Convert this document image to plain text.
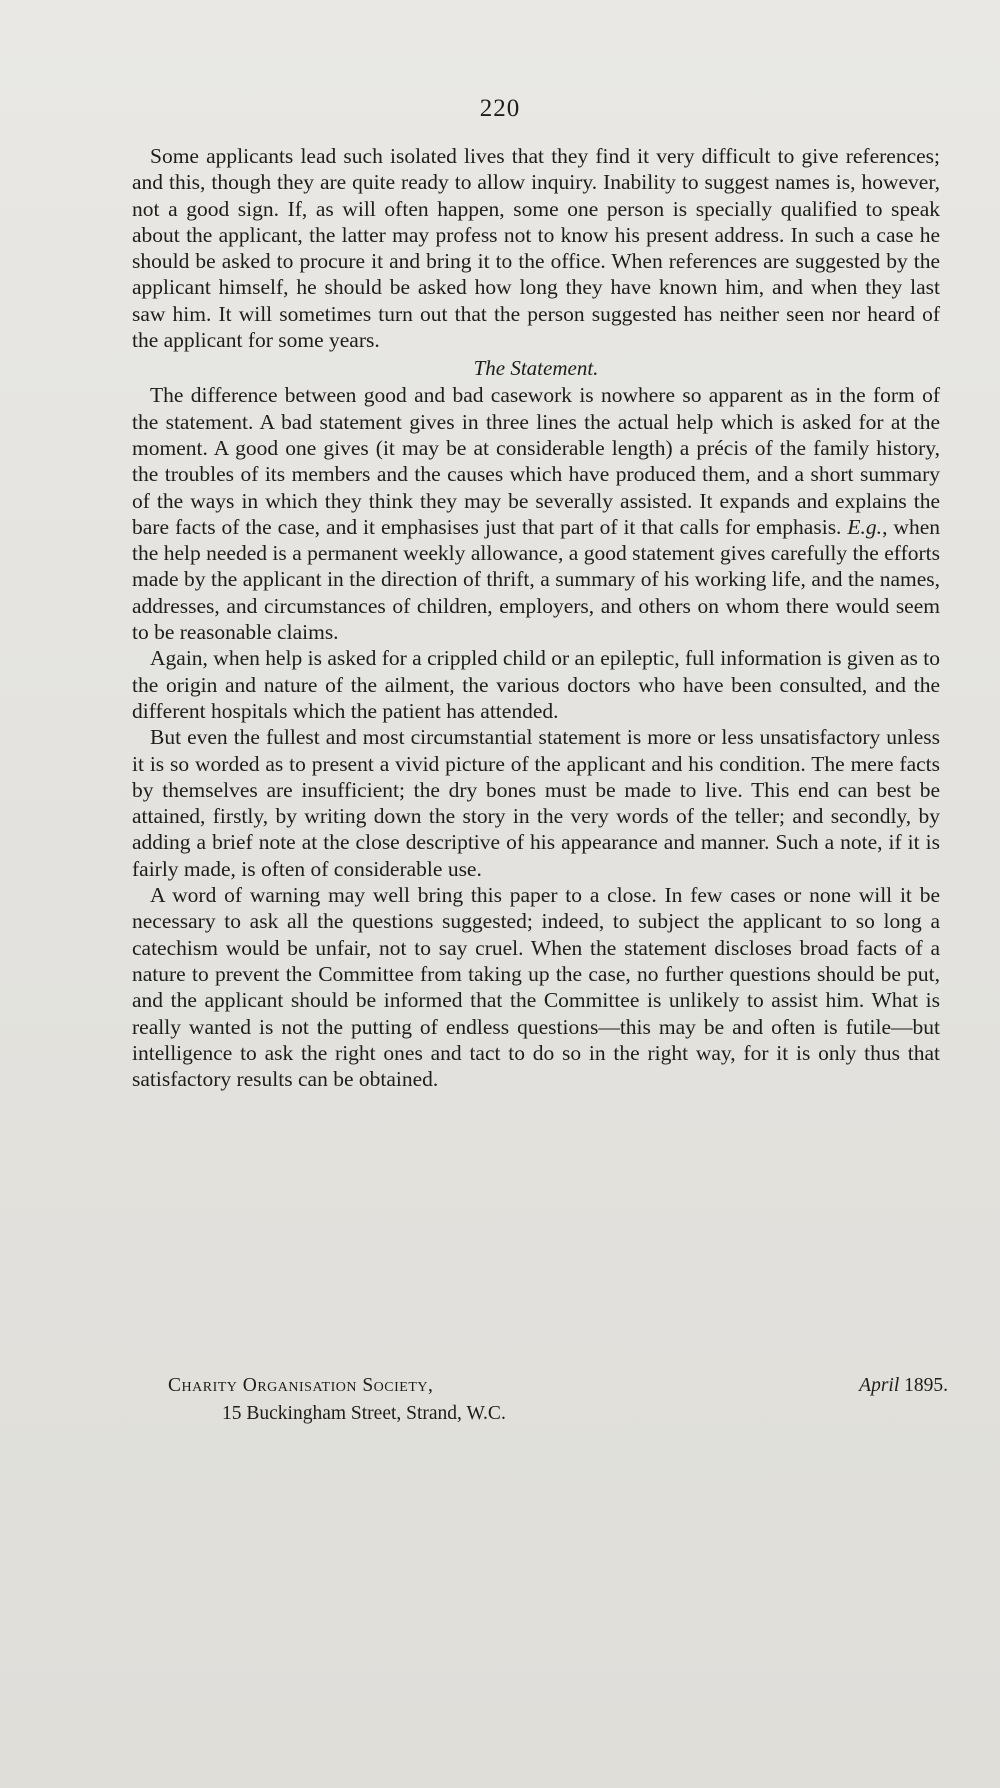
220

Some applicants lead such isolated lives that they find it very difficult to give references; and this, though they are quite ready to allow inquiry. Inability to suggest names is, however, not a good sign. If, as will often happen, some one person is specially qualified to speak about the applicant, the latter may profess not to know his present address. In such a case he should be asked to procure it and bring it to the office. When references are suggested by the applicant himself, he should be asked how long they have known him, and when they last saw him. It will sometimes turn out that the person suggested has neither seen nor heard of the applicant for some years.

The Statement.

The difference between good and bad casework is nowhere so apparent as in the form of the statement. A bad statement gives in three lines the actual help which is asked for at the moment. A good one gives (it may be at considerable length) a précis of the family history, the troubles of its members and the causes which have produced them, and a short summary of the ways in which they think they may be severally assisted. It expands and explains the bare facts of the case, and it emphasises just that part of it that calls for emphasis. E.g., when the help needed is a permanent weekly allowance, a good statement gives carefully the efforts made by the applicant in the direction of thrift, a summary of his working life, and the names, addresses, and circumstances of children, employers, and others on whom there would seem to be reasonable claims.

Again, when help is asked for a crippled child or an epileptic, full information is given as to the origin and nature of the ailment, the various doctors who have been consulted, and the different hospitals which the patient has attended.

But even the fullest and most circumstantial statement is more or less unsatisfactory unless it is so worded as to present a vivid picture of the applicant and his condition. The mere facts by themselves are insufficient; the dry bones must be made to live. This end can best be attained, firstly, by writing down the story in the very words of the teller; and secondly, by adding a brief note at the close descriptive of his appearance and manner. Such a note, if it is fairly made, is often of considerable use.

A word of warning may well bring this paper to a close. In few cases or none will it be necessary to ask all the questions suggested; indeed, to subject the applicant to so long a catechism would be unfair, not to say cruel. When the statement discloses broad facts of a nature to prevent the Committee from taking up the case, no further questions should be put, and the applicant should be informed that the Committee is unlikely to assist him. What is really wanted is not the putting of endless questions—this may be and often is futile—but intelligence to ask the right ones and tact to do so in the right way, for it is only thus that satisfactory results can be obtained.

Charity Organisation Society,
15 Buckingham Street, Strand, W.C.
April 1895.
